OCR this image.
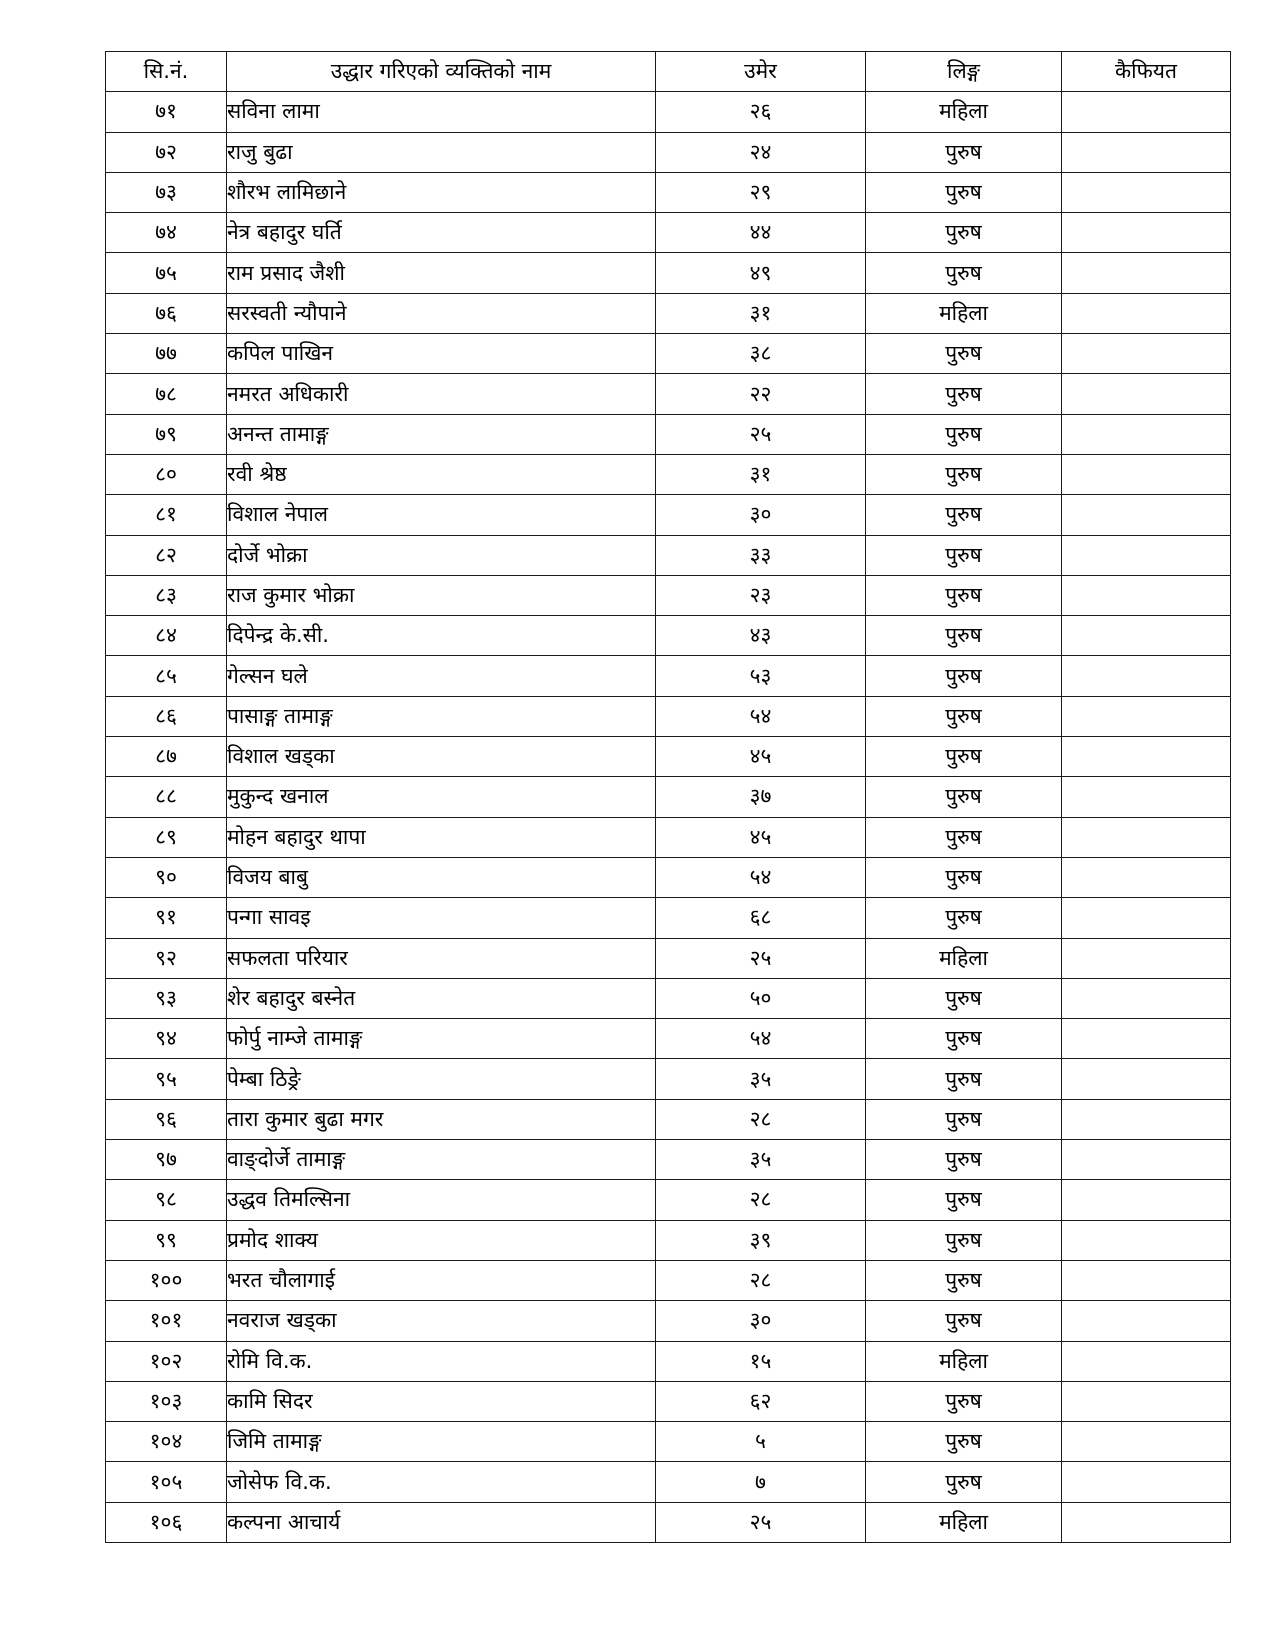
सि.नं.	उद्धार गरिएको व्यक्तिको नाम	उमेर	लिङ्ग	कैफियत
७१	सविना लामा	२६	महिला	
७२	राजु बुढा	२४	पुरुष	
७३	शौरभ लामिछाने	२९	पुरुष	
७४	नेत्र बहादुर घर्ति	४४	पुरुष	
७५	राम प्रसाद जैशी	४९	पुरुष	
७६	सरस्वती न्यौपाने	३१	महिला	
७७	कपिल पाखिन	३८	पुरुष	
७८	नमरत अधिकारी	२२	पुरुष	
७९	अनन्त तामाङ्ग	२५	पुरुष	
८०	रवी श्रेष्ठ	३१	पुरुष	
८१	विशाल नेपाल	३०	पुरुष	
८२	दोर्जे भोक्रा	३३	पुरुष	
८३	राज कुमार भोक्रा	२३	पुरुष	
८४	दिपेन्द्र के.सी.	४३	पुरुष	
८५	गेल्सन घले	५३	पुरुष	
८६	पासाङ्ग तामाङ्ग	५४	पुरुष	
८७	विशाल खड्का	४५	पुरुष	
८८	मुकुन्द खनाल	३७	पुरुष	
८९	मोहन बहादुर थापा	४५	पुरुष	
९०	विजय बाबु	५४	पुरुष	
९१	पन्गा सावइ	६८	पुरुष	
९२	सफलता परियार	२५	महिला	
९३	शेर बहादुर बस्नेत	५०	पुरुष	
९४	फोर्पु नाम्जे तामाङ्ग	५४	पुरुष	
९५	पेम्बा ठिङ्रे	३५	पुरुष	
९६	तारा कुमार बुढा मगर	२८	पुरुष	
९७	वाङ्दोर्जे तामाङ्ग	३५	पुरुष	
९८	उद्धव तिमल्सिना	२८	पुरुष	
९९	प्रमोद शाक्य	३९	पुरुष	
१००	भरत चौलागाई	२८	पुरुष	
१०१	नवराज खड्का	३०	पुरुष	
१०२	रोमि वि.क.	१५	महिला	
१०३	कामि सिदर	६२	पुरुष	
१०४	जिमि तामाङ्ग	५	पुरुष	
१०५	जोसेफ वि.क.	७	पुरुष	
१०६	कल्पना आचार्य	२५	महिला	
